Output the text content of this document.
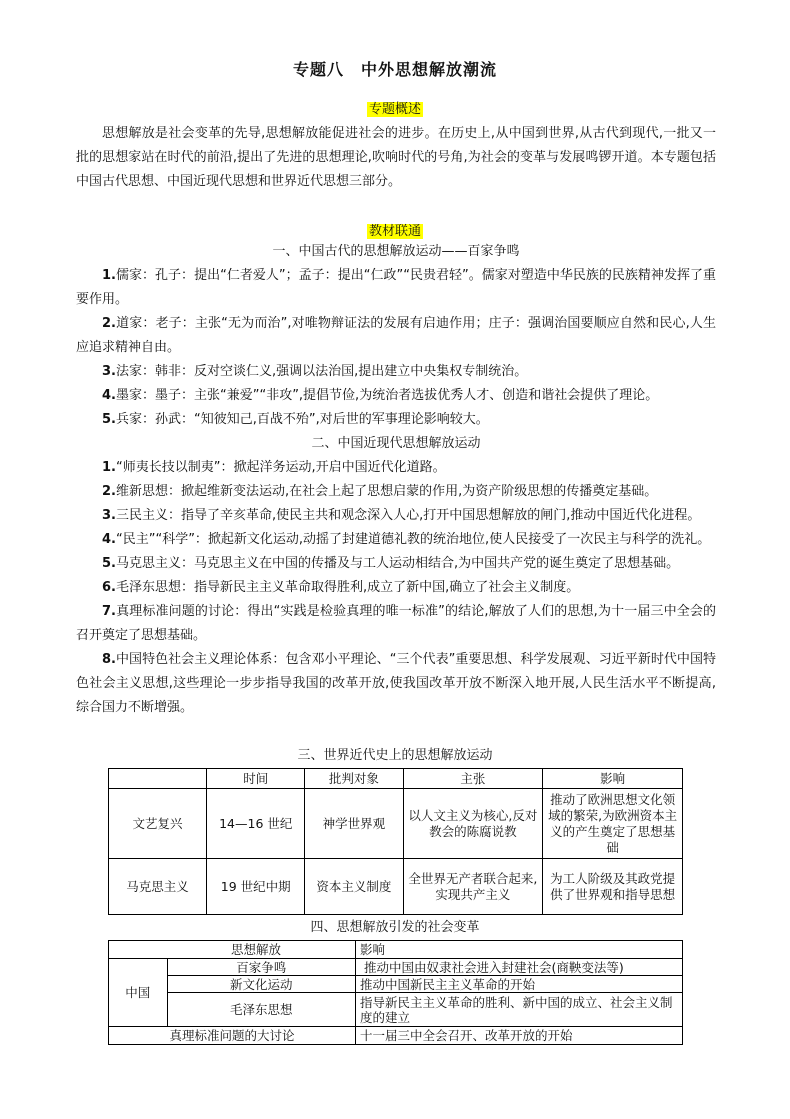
专题八　中外思想解放潮流
专题概述

思想解放是社会变革的先导,思想解放能促进社会的进步。在历史上,从中国到世界,从古代到现代,一批又一批的思想家站在时代的前沿,提出了先进的思想理论,吹响时代的号角,为社会的变革与发展鸣锣开道。本专题包括中国古代思想、中国近现代思想和世界近代思想三部分。

教材联通

一、中国古代的思想解放运动——百家争鸣

1.儒家：孔子：提出“仁者爱人”；孟子：提出“仁政”“民贵君轻”。儒家对塑造中华民族的民族精神发挥了重要作用。

2.道家：老子：主张“无为而治”,对唯物辩证法的发展有启迪作用；庄子：强调治国要顺应自然和民心,人生应追求精神自由。

3.法家：韩非：反对空谈仁义,强调以法治国,提出建立中央集权专制统治。

4.墨家：墨子：主张“兼爱”“非攻”,提倡节俭,为统治者选拔优秀人才、创造和谐社会提供了理论。

5.兵家：孙武：“知彼知己,百战不殆”,对后世的军事理论影响较大。

二、中国近现代思想解放运动

1.“师夷长技以制夷”：掀起洋务运动,开启中国近代化道路。

2.维新思想：掀起维新变法运动,在社会上起了思想启蒙的作用,为资产阶级思想的传播奠定基础。

3.三民主义：指导了辛亥革命,使民主共和观念深入人心,打开中国思想解放的闸门,推动中国近代化进程。

4.“民主”“科学”：掀起新文化运动,动摇了封建道德礼教的统治地位,使人民接受了一次民主与科学的洗礼。

5.马克思主义：马克思主义在中国的传播及与工人运动相结合,为中国共产党的诞生奠定了思想基础。

6.毛泽东思想：指导新民主主义革命取得胜利,成立了新中国,确立了社会主义制度。

7.真理标准问题的讨论：得出“实践是检验真理的唯一标准”的结论,解放了人们的思想,为十一届三中全会的召开奠定了思想基础。

8.中国特色社会主义理论体系：包含邓小平理论、“三个代表”重要思想、科学发展观、习近平新时代中国特色社会主义思想,这些理论一步步指导我国的改革开放,使我国改革开放不断深入地开展,人民生活水平不断提高,综合国力不断增强。

三、世界近代史上的思想解放运动
	时间	批判对象	主张	影响
文艺复兴	14—16 世纪	神学世界观	以人文主义为核心,反对教会的陈腐说教	推动了欧洲思想文化领域的繁荣,为欧洲资本主义的产生奠定了思想基础
马克思主义	19 世纪中期	资本主义制度	全世界无产者联合起来,实现共产主义	为工人阶级及其政党提供了世界观和指导思想
四、思想解放引发的社会变革
	思想解放	影响
中国	百家争鸣	推动中国由奴隶社会进入封建社会(商鞅变法等)
	新文化运动	推动中国新民主主义革命的开始
	毛泽东思想	指导新民主主义革命的胜利、新中国的成立、社会主义制度的建立
真理标准问题的大讨论		十一届三中全会召开、改革开放的开始
